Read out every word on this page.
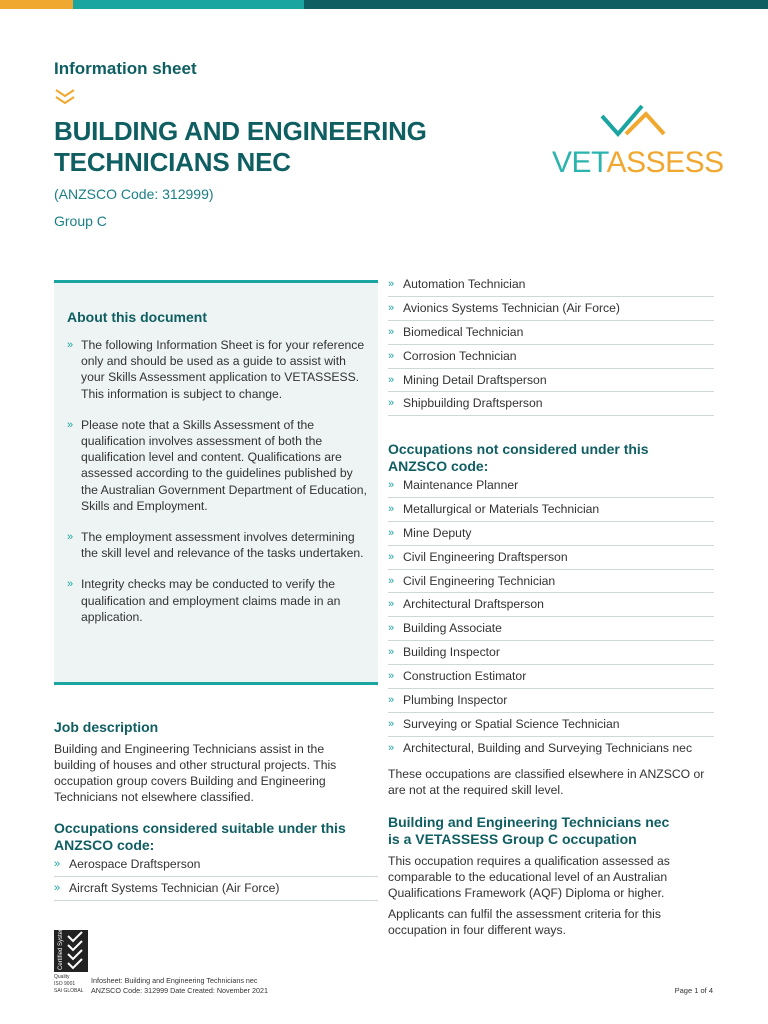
Information sheet
BUILDING AND ENGINEERING
TECHNICIANS NEC
(ANZSCO Code: 312999)
Group C
VETASSESS
About this document
» The following Information Sheet is for your reference only and should be used as a guide to assist with your Skills Assessment application to VETASSESS. This information is subject to change.
» Please note that a Skills Assessment of the qualification involves assessment of both the qualification level and content. Qualifications are assessed according to the guidelines published by the Australian Government Department of Education, Skills and Employment.
» The employment assessment involves determining the skill level and relevance of the tasks undertaken.
» Integrity checks may be conducted to verify the qualification and employment claims made in an application.
Job description
Building and Engineering Technicians assist in the building of houses and other structural projects. This occupation group covers Building and Engineering Technicians not elsewhere classified.
Occupations considered suitable under this
ANZSCO code:
» Aerospace Draftsperson
» Aircraft Systems Technician (Air Force)
» Automation Technician
» Avionics Systems Technician (Air Force)
» Biomedical Technician
» Corrosion Technician
» Mining Detail Draftsperson
» Shipbuilding Draftsperson
Occupations not considered under this
ANZSCO code:
» Maintenance Planner
» Metallurgical or Materials Technician
» Mine Deputy
» Civil Engineering Draftsperson
» Civil Engineering Technician
» Architectural Draftsperson
» Building Associate
» Building Inspector
» Construction Estimator
» Plumbing Inspector
» Surveying or Spatial Science Technician
» Architectural, Building and Surveying Technicians nec
These occupations are classified elsewhere in ANZSCO or are not at the required skill level.
Building and Engineering Technicians nec
is a VETASSESS Group C occupation
This occupation requires a qualification assessed as comparable to the educational level of an Australian Qualifications Framework (AQF) Diploma or higher.
Applicants can fulfil the assessment criteria for this occupation in four different ways.
Certified System
Quality
ISO 9001
SAI GLOBAL
Infosheet: Building and Engineering Technicians nec
ANZSCO Code: 312999 Date Created: November 2021	Page 1 of 4
